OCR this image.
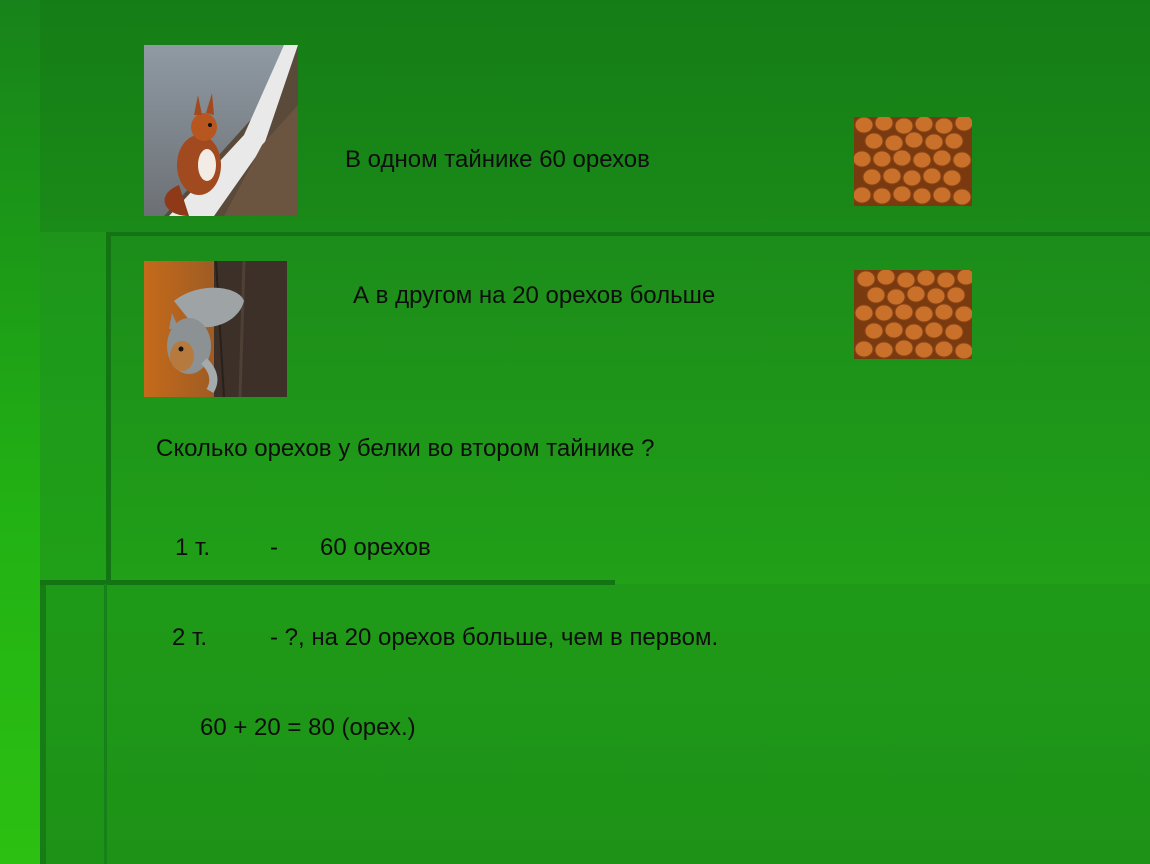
В одном тайнике 60 орехов
А в другом на 20 орехов больше
Сколько орехов у белки во втором тайнике ?
1 т. - 60 орехов
2 т.	- ?, на 20 орехов больше, чем в первом.
60 + 20 = 80 (орех.)
